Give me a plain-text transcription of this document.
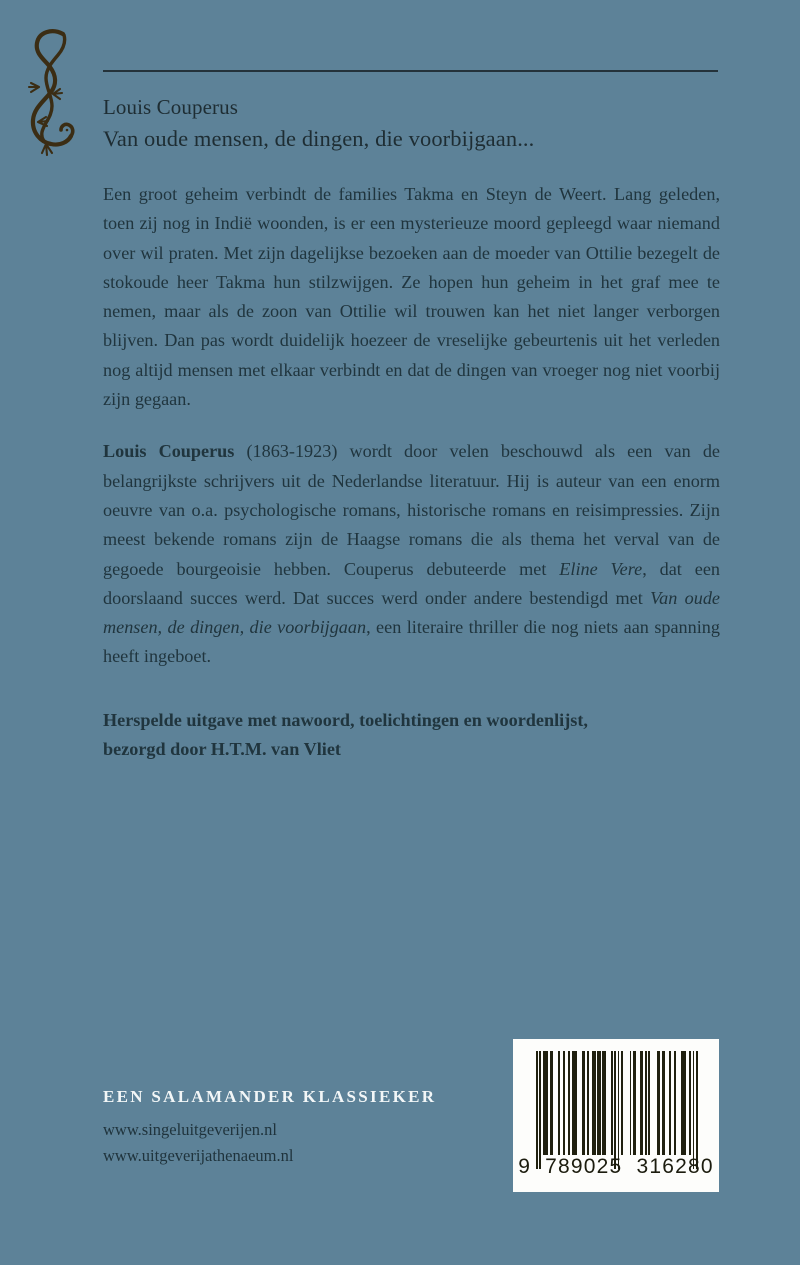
Louis Couperus
Van oude mensen, de dingen, die voorbijgaan...

Een groot geheim verbindt de families Takma en Steyn de Weert. Lang geleden, toen zij nog in Indië woonden, is er een mysterieuze moord gepleegd waar niemand over wil praten. Met zijn dagelijkse bezoeken aan de moeder van Ottilie bezegelt de stokoude heer Takma hun stilzwijgen. Ze hopen hun geheim in het graf mee te nemen, maar als de zoon van Ottilie wil trouwen kan het niet langer verborgen blijven. Dan pas wordt duidelijk hoezeer de vreselijke gebeurtenis uit het verleden nog altijd mensen met elkaar verbindt en dat de dingen van vroeger nog niet voorbij zijn gegaan.

Louis Couperus (1863-1923) wordt door velen beschouwd als een van de belangrijkste schrijvers uit de Nederlandse literatuur. Hij is auteur van een enorm oeuvre van o.a. psychologische romans, historische romans en reisimpressies. Zijn meest bekende romans zijn de Haagse romans die als thema het verval van de gegoede bourgeoisie hebben. Couperus debuteerde met Eline Vere, dat een doorslaand succes werd. Dat succes werd onder andere bestendigd met Van oude mensen, de dingen, die voorbijgaan, een literaire thriller die nog niets aan spanning heeft ingeboet.

Herspelde uitgave met nawoord, toelichtingen en woordenlijst,
bezorgd door H.T.M. van Vliet

EEN SALAMANDER KLASSIEKER
www.singeluitgeverijen.nl
www.uitgeverijathenaeum.nl	9  789025  316280
